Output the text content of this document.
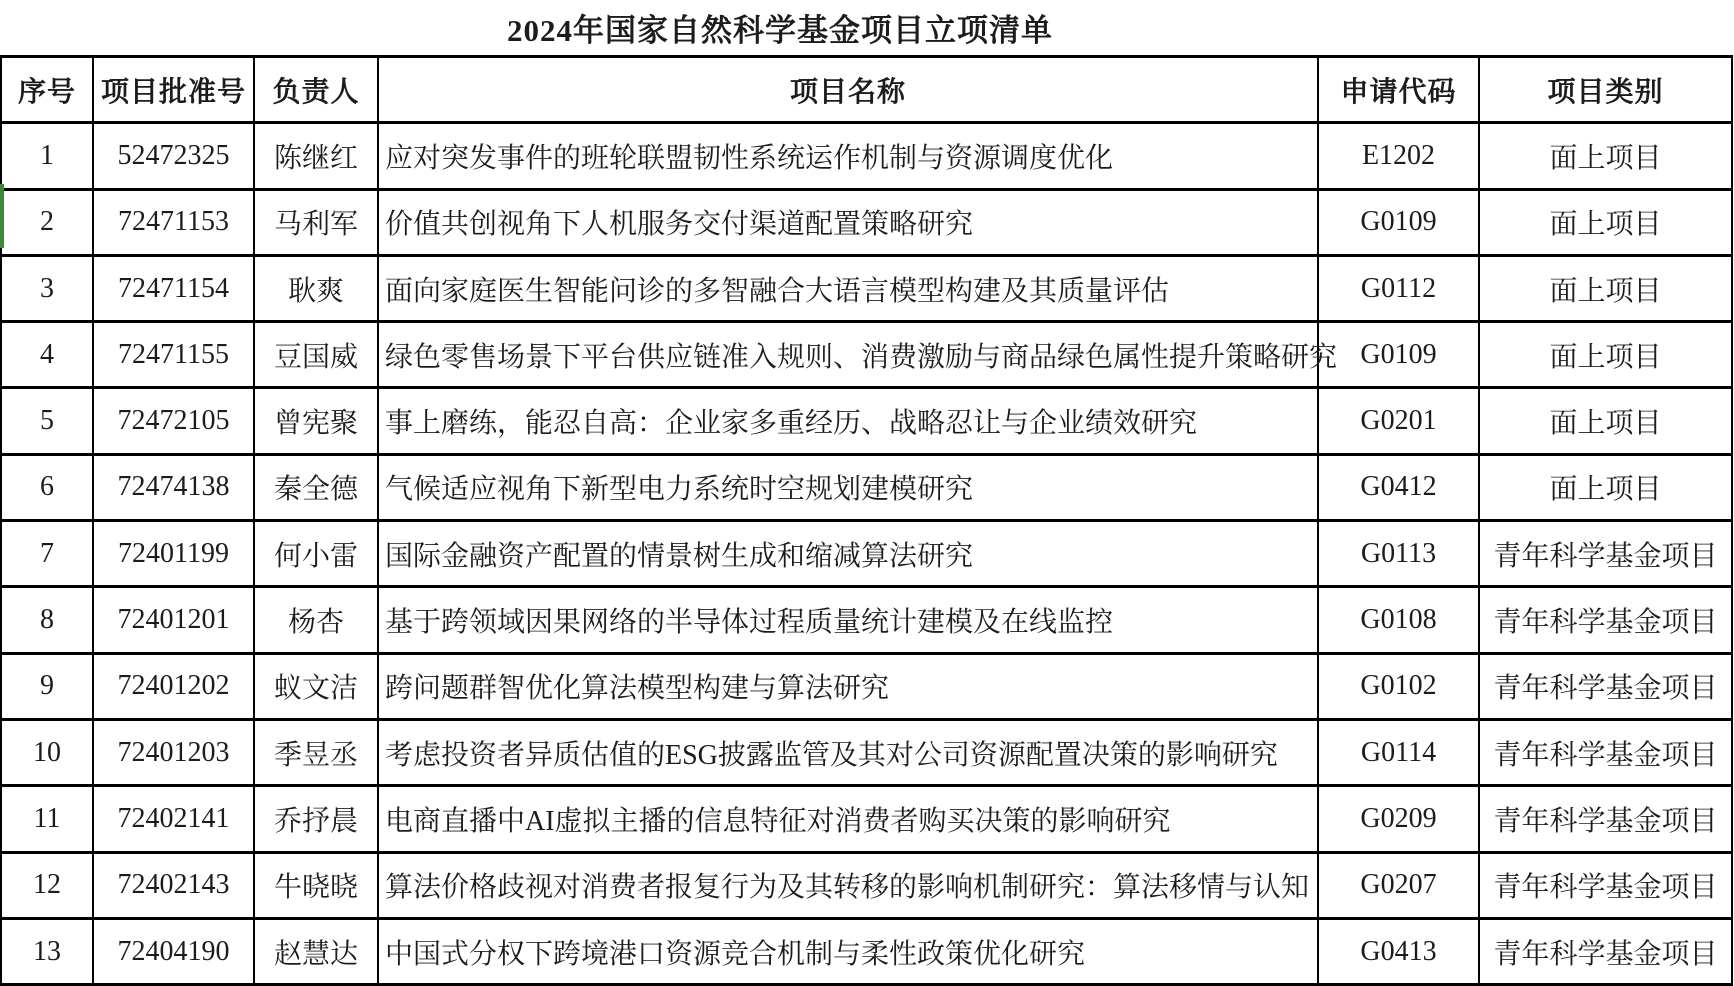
2024年国家自然科学基金项目立项清单
序号	项目批准号	负责人	项目名称	申请代码	项目类别
1	52472325	陈继红	应对突发事件的班轮联盟韧性系统运作机制与资源调度优化	E1202	面上项目
2	72471153	马利军	价值共创视角下人机服务交付渠道配置策略研究	G0109	面上项目
3	72471154	耿爽	面向家庭医生智能问诊的多智融合大语言模型构建及其质量评估	G0112	面上项目
4	72471155	豆国威	绿色零售场景下平台供应链准入规则、消费激励与商品绿色属性提升策略研究	G0109	面上项目
5	72472105	曾宪聚	事上磨练，能忍自高：企业家多重经历、战略忍让与企业绩效研究	G0201	面上项目
6	72474138	秦全德	气候适应视角下新型电力系统时空规划建模研究	G0412	面上项目
7	72401199	何小雷	国际金融资产配置的情景树生成和缩减算法研究	G0113	青年科学基金项目
8	72401201	杨杏	基于跨领域因果网络的半导体过程质量统计建模及在线监控	G0108	青年科学基金项目
9	72401202	蚁文洁	跨问题群智优化算法模型构建与算法研究	G0102	青年科学基金项目
10	72401203	季昱丞	考虑投资者异质估值的ESG披露监管及其对公司资源配置决策的影响研究	G0114	青年科学基金项目
11	72402141	乔抒晨	电商直播中AI虚拟主播的信息特征对消费者购买决策的影响研究	G0209	青年科学基金项目
12	72402143	牛晓晓	算法价格歧视对消费者报复行为及其转移的影响机制研究：算法移情与认知	G0207	青年科学基金项目
13	72404190	赵慧达	中国式分权下跨境港口资源竞合机制与柔性政策优化研究	G0413	青年科学基金项目
